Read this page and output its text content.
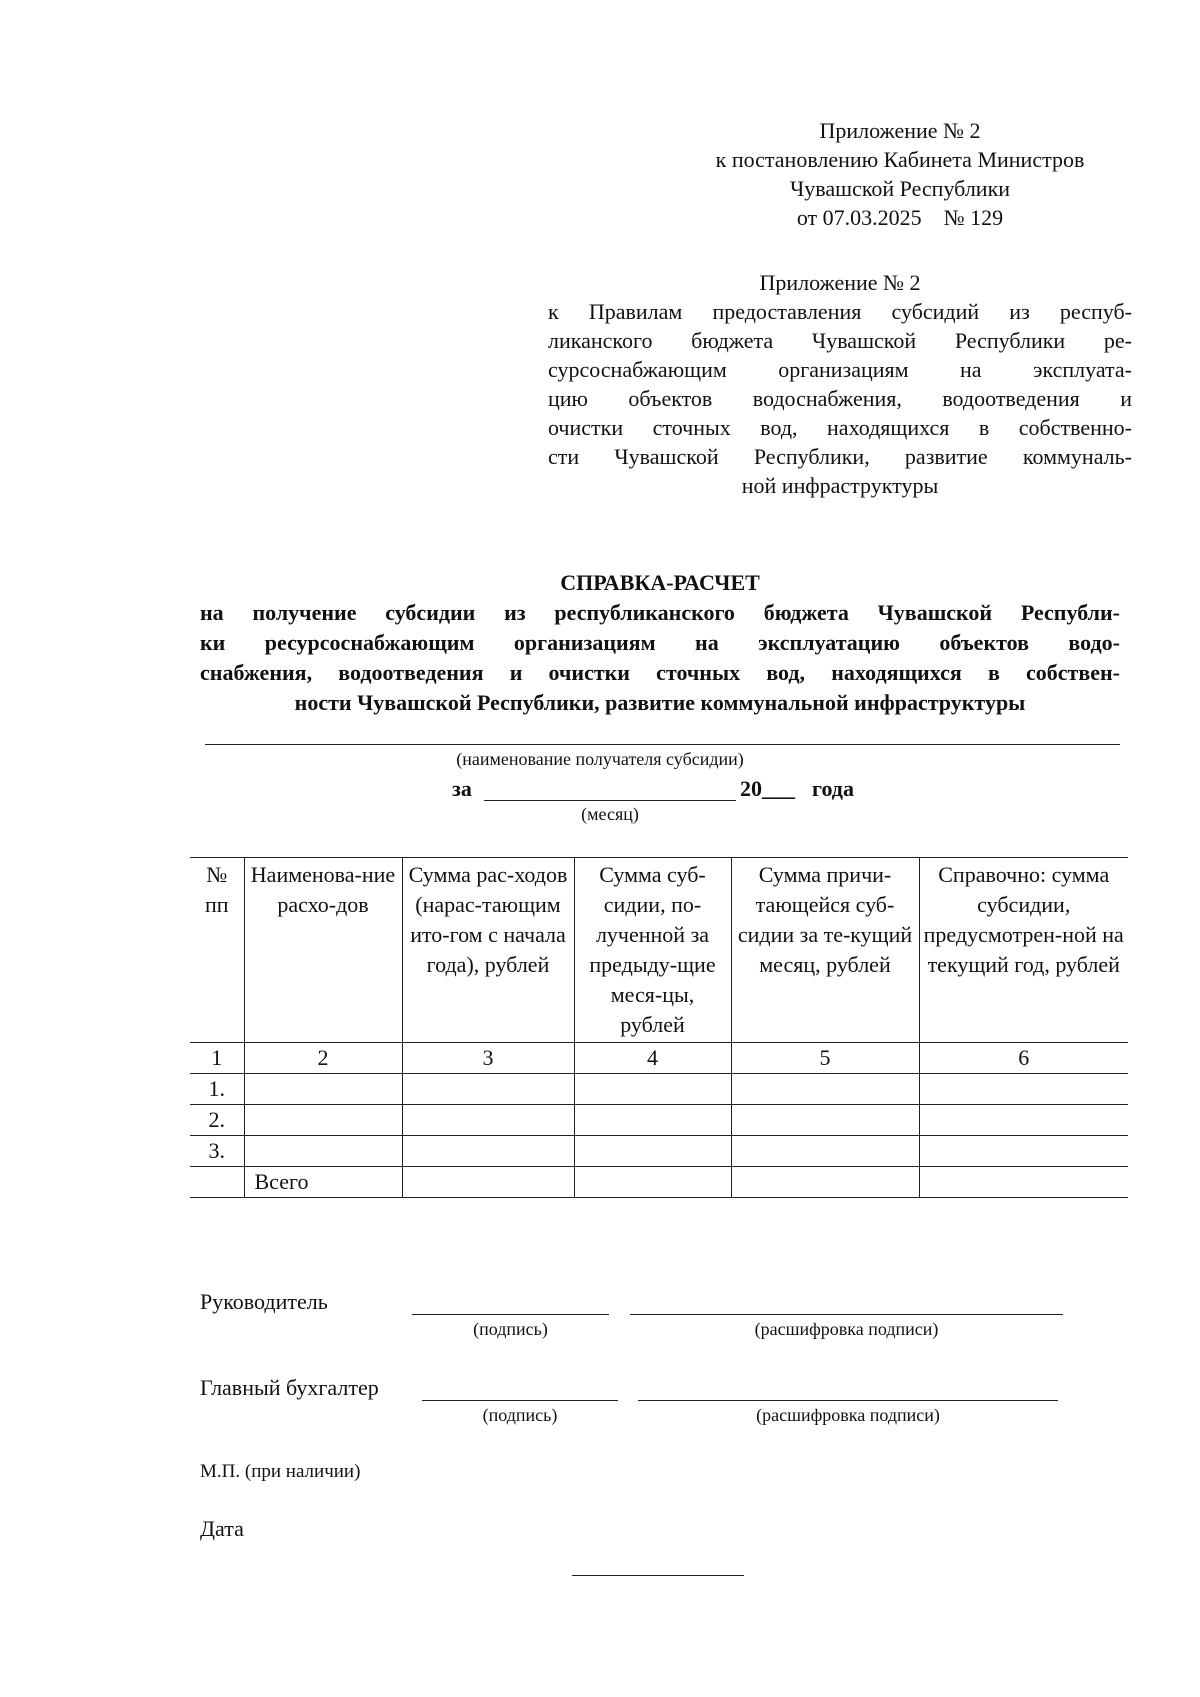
Приложение № 2
к постановлению Кабинета Министров
Чувашской Республики
от 07.03.2025    № 129
Приложение № 2
к Правилам предоставления субсидий из респуб-
ликанского бюджета Чувашской Республики ре-
сурсоснабжающим организациям на эксплуата-
цию объектов водоснабжения, водоотведения и
очистки сточных вод, находящихся в собственно-
сти Чувашской Республики, развитие коммуналь-
ной инфраструктуры
СПРАВКА-РАСЧЕТ
на получение субсидии из республиканского бюджета Чувашской Республи-
ки ресурсоснабжающим организациям на эксплуатацию объектов водо-
снабжения, водоотведения и очистки сточных вод, находящихся в собствен-
ности Чувашской Республики, развитие коммунальной инфраструктуры
(наименование получателя субсидии)
за	20___ года
(месяц)
№ пп	Наименова-ние расхо-дов	Сумма рас-ходов (нарас-тающим ито-гом с начала года), рублей	Сумма суб-сидии, по-лученной за предыду-щие меся-цы, рублей	Сумма причи-тающейся суб-сидии за те-кущий месяц, рублей	Справочно: сумма субсидии, предусмотрен-ной на текущий год, рублей
1	2	3	4	5	6
1.					
2.					
3.					
	Всего				
Руководитель
(подпись)	(расшифровка подписи)
Главный бухгалтер
(подпись)	(расшифровка подписи)
М.П. (при наличии)
Дата
